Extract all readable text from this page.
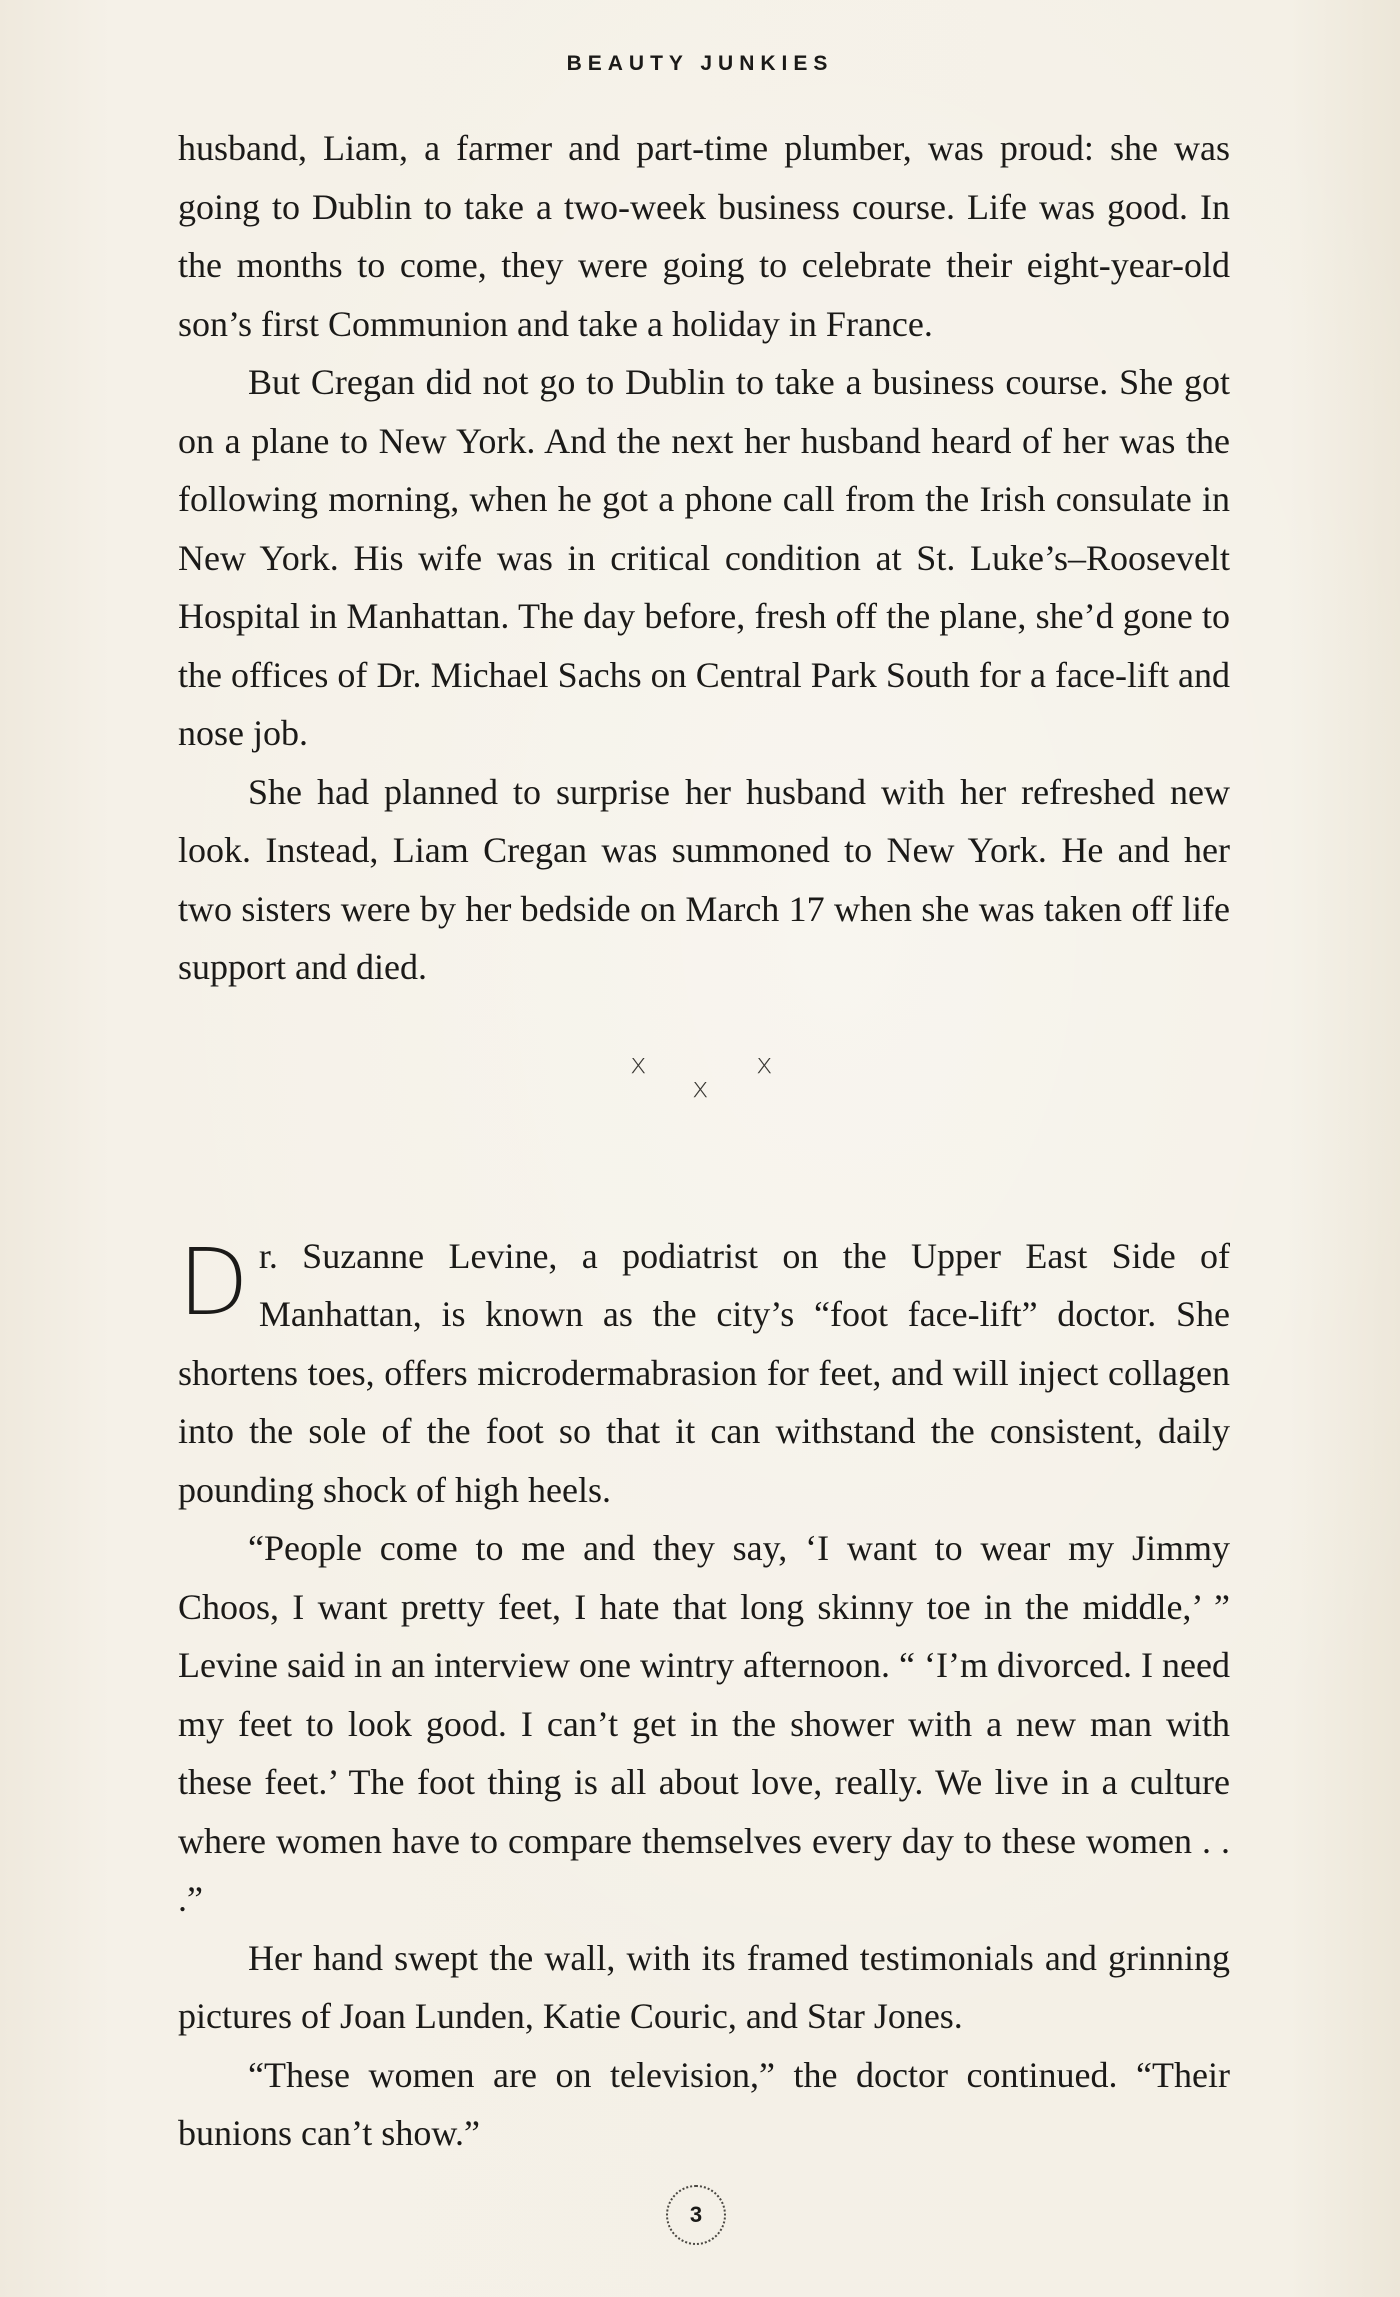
BEAUTY JUNKIES

husband, Liam, a farmer and part-time plumber, was proud: she was going to Dublin to take a two-week business course. Life was good. In the months to come, they were going to celebrate their eight-year-old son’s first Communion and take a holiday in France.

But Cregan did not go to Dublin to take a business course. She got on a plane to New York. And the next her husband heard of her was the following morning, when he got a phone call from the Irish consulate in New York. His wife was in critical condition at St. Luke’s–Roosevelt Hospital in Manhattan. The day before, fresh off the plane, she’d gone to the offices of Dr. Michael Sachs on Central Park South for a face-lift and nose job.

She had planned to surprise her husband with her refreshed new look. Instead, Liam Cregan was summoned to New York. He and her two sisters were by her bedside on March 17 when she was taken off life support and died.

x
x
x

Dr. Suzanne Levine, a podiatrist on the Upper East Side of Manhattan, is known as the city’s “foot face-lift” doctor. She shortens toes, offers microdermabrasion for feet, and will inject collagen into the sole of the foot so that it can withstand the consistent, daily pounding shock of high heels.

“People come to me and they say, ‘I want to wear my Jimmy Choos, I want pretty feet, I hate that long skinny toe in the middle,’ ” Levine said in an interview one wintry afternoon. “ ‘I’m divorced. I need my feet to look good. I can’t get in the shower with a new man with these feet.’ The foot thing is all about love, really. We live in a culture where women have to compare themselves every day to these women . . .”

Her hand swept the wall, with its framed testimonials and grinning pictures of Joan Lunden, Katie Couric, and Star Jones.

“These women are on television,” the doctor continued. “Their bunions can’t show.”

3
